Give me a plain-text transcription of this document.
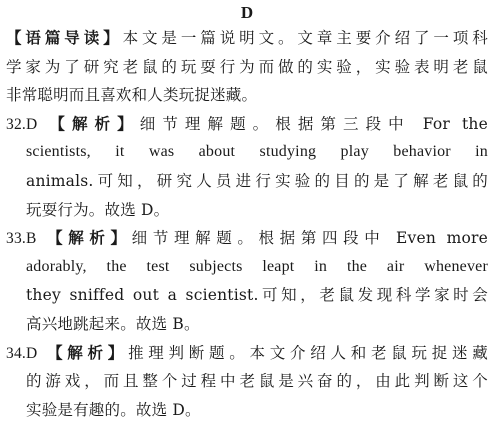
D
【语篇导读】本文是一篇说明文。文章主要介绍了一项科
学家为了研究老鼠的玩耍行为而做的实验，实验表明老鼠
非常聪明而且喜欢和人类玩捉迷藏。
32.D 【解析】细节理解题。根据第三段中 For the
scientists, it was about studying play behavior in
animals.可知，研究人员进行实验的目的是了解老鼠的
玩耍行为。故选 D。
33.B 【解析】细节理解题。根据第四段中 Even more
adorably, the test subjects leapt in the air whenever
they sniffed out a scientist.可知，老鼠发现科学家时会
高兴地跳起来。故选 B。
34.D 【解析】推理判断题。本文介绍人和老鼠玩捉迷藏
的游戏，而且整个过程中老鼠是兴奋的，由此判断这个
实验是有趣的。故选 D。
